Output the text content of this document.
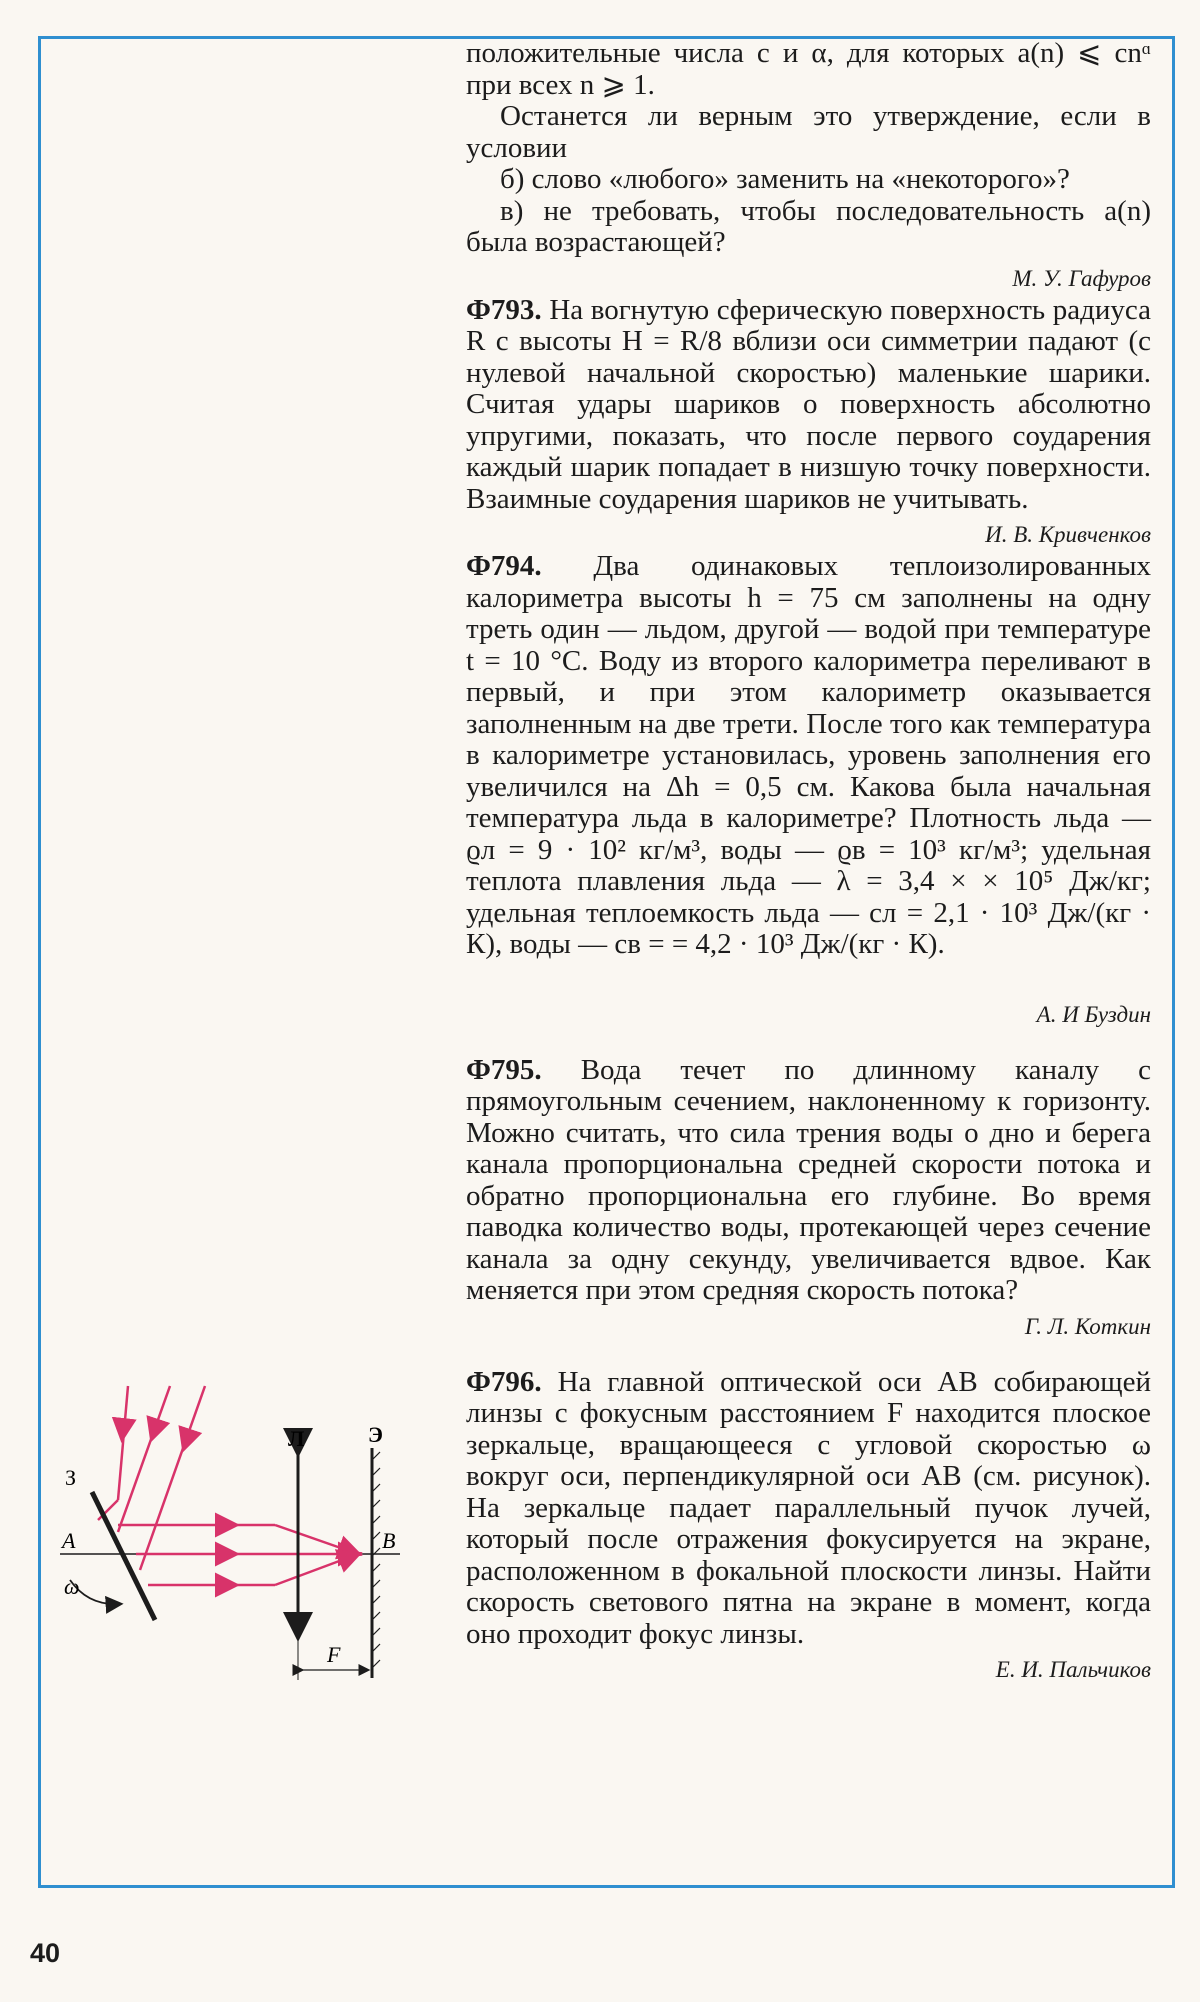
положительные числа c и α, для которых a(n) ⩽ cnᵅ при всех n ⩾ 1.

Останется ли верным это утверждение, если в условии

б) слово «любого» заменить на «некоторого»?

в) не требовать, чтобы последовательность a(n) была возрастающей?

М. У. Гафуров

Ф793. На вогнутую сферическую поверхность радиуса R с высоты H = R/8 вблизи оси симметрии падают (с нулевой начальной скоростью) маленькие шарики. Считая удары шариков о поверхность абсолютно упругими, показать, что после первого соударения каждый шарик попадает в низшую точку поверхности. Взаимные соударения шариков не учитывать.

И. В. Кривченков

Ф794. Два одинаковых теплоизолированных калориметра высоты h = 75 см заполнены на одну треть один — льдом, другой — водой при температуре t = 10 °С. Воду из второго калориметра переливают в первый, и при этом калориметр оказывается заполненным на две трети. После того как температура в калориметре установилась, уровень заполнения его увеличился на Δh = 0,5 см. Какова была начальная температура льда в калориметре? Плотность льда — ϱл = 9 · 10² кг/м³, воды — ϱв = 10³ кг/м³; удельная теплота плавления льда — λ = 3,4 × × 10⁵ Дж/кг; удельная теплоемкость льда — cл = 2,1 · 10³ Дж/(кг · К), воды — cв = = 4,2 · 10³ Дж/(кг · К).

А. И Буздин

Ф795. Вода течет по длинному каналу с прямоугольным сечением, наклоненному к горизонту. Можно считать, что сила трения воды о дно и берега канала пропорциональна средней скорости потока и обратно пропорциональна его глубине. Во время паводка количество воды, протекающей через сечение канала за одну секунду, увеличивается вдвое. Как меняется при этом средняя скорость потока?

Г. Л. Коткин

Ф796. На главной оптической оси AB собирающей линзы с фокусным расстоянием F находится плоское зеркальце, вращающееся с угловой скоростью ω вокруг оси, перпендикулярной оси AB (см. рисунок). На зеркальце падает параллельный пучок лучей, который после отражения фокусируется на экране, расположенном в фокальной плоскости линзы. Найти скорость светового пятна на экране в момент, когда оно проходит фокус линзы.

Е. И. Пальчиков
З
A
ω
Л	Э
B
F
40
